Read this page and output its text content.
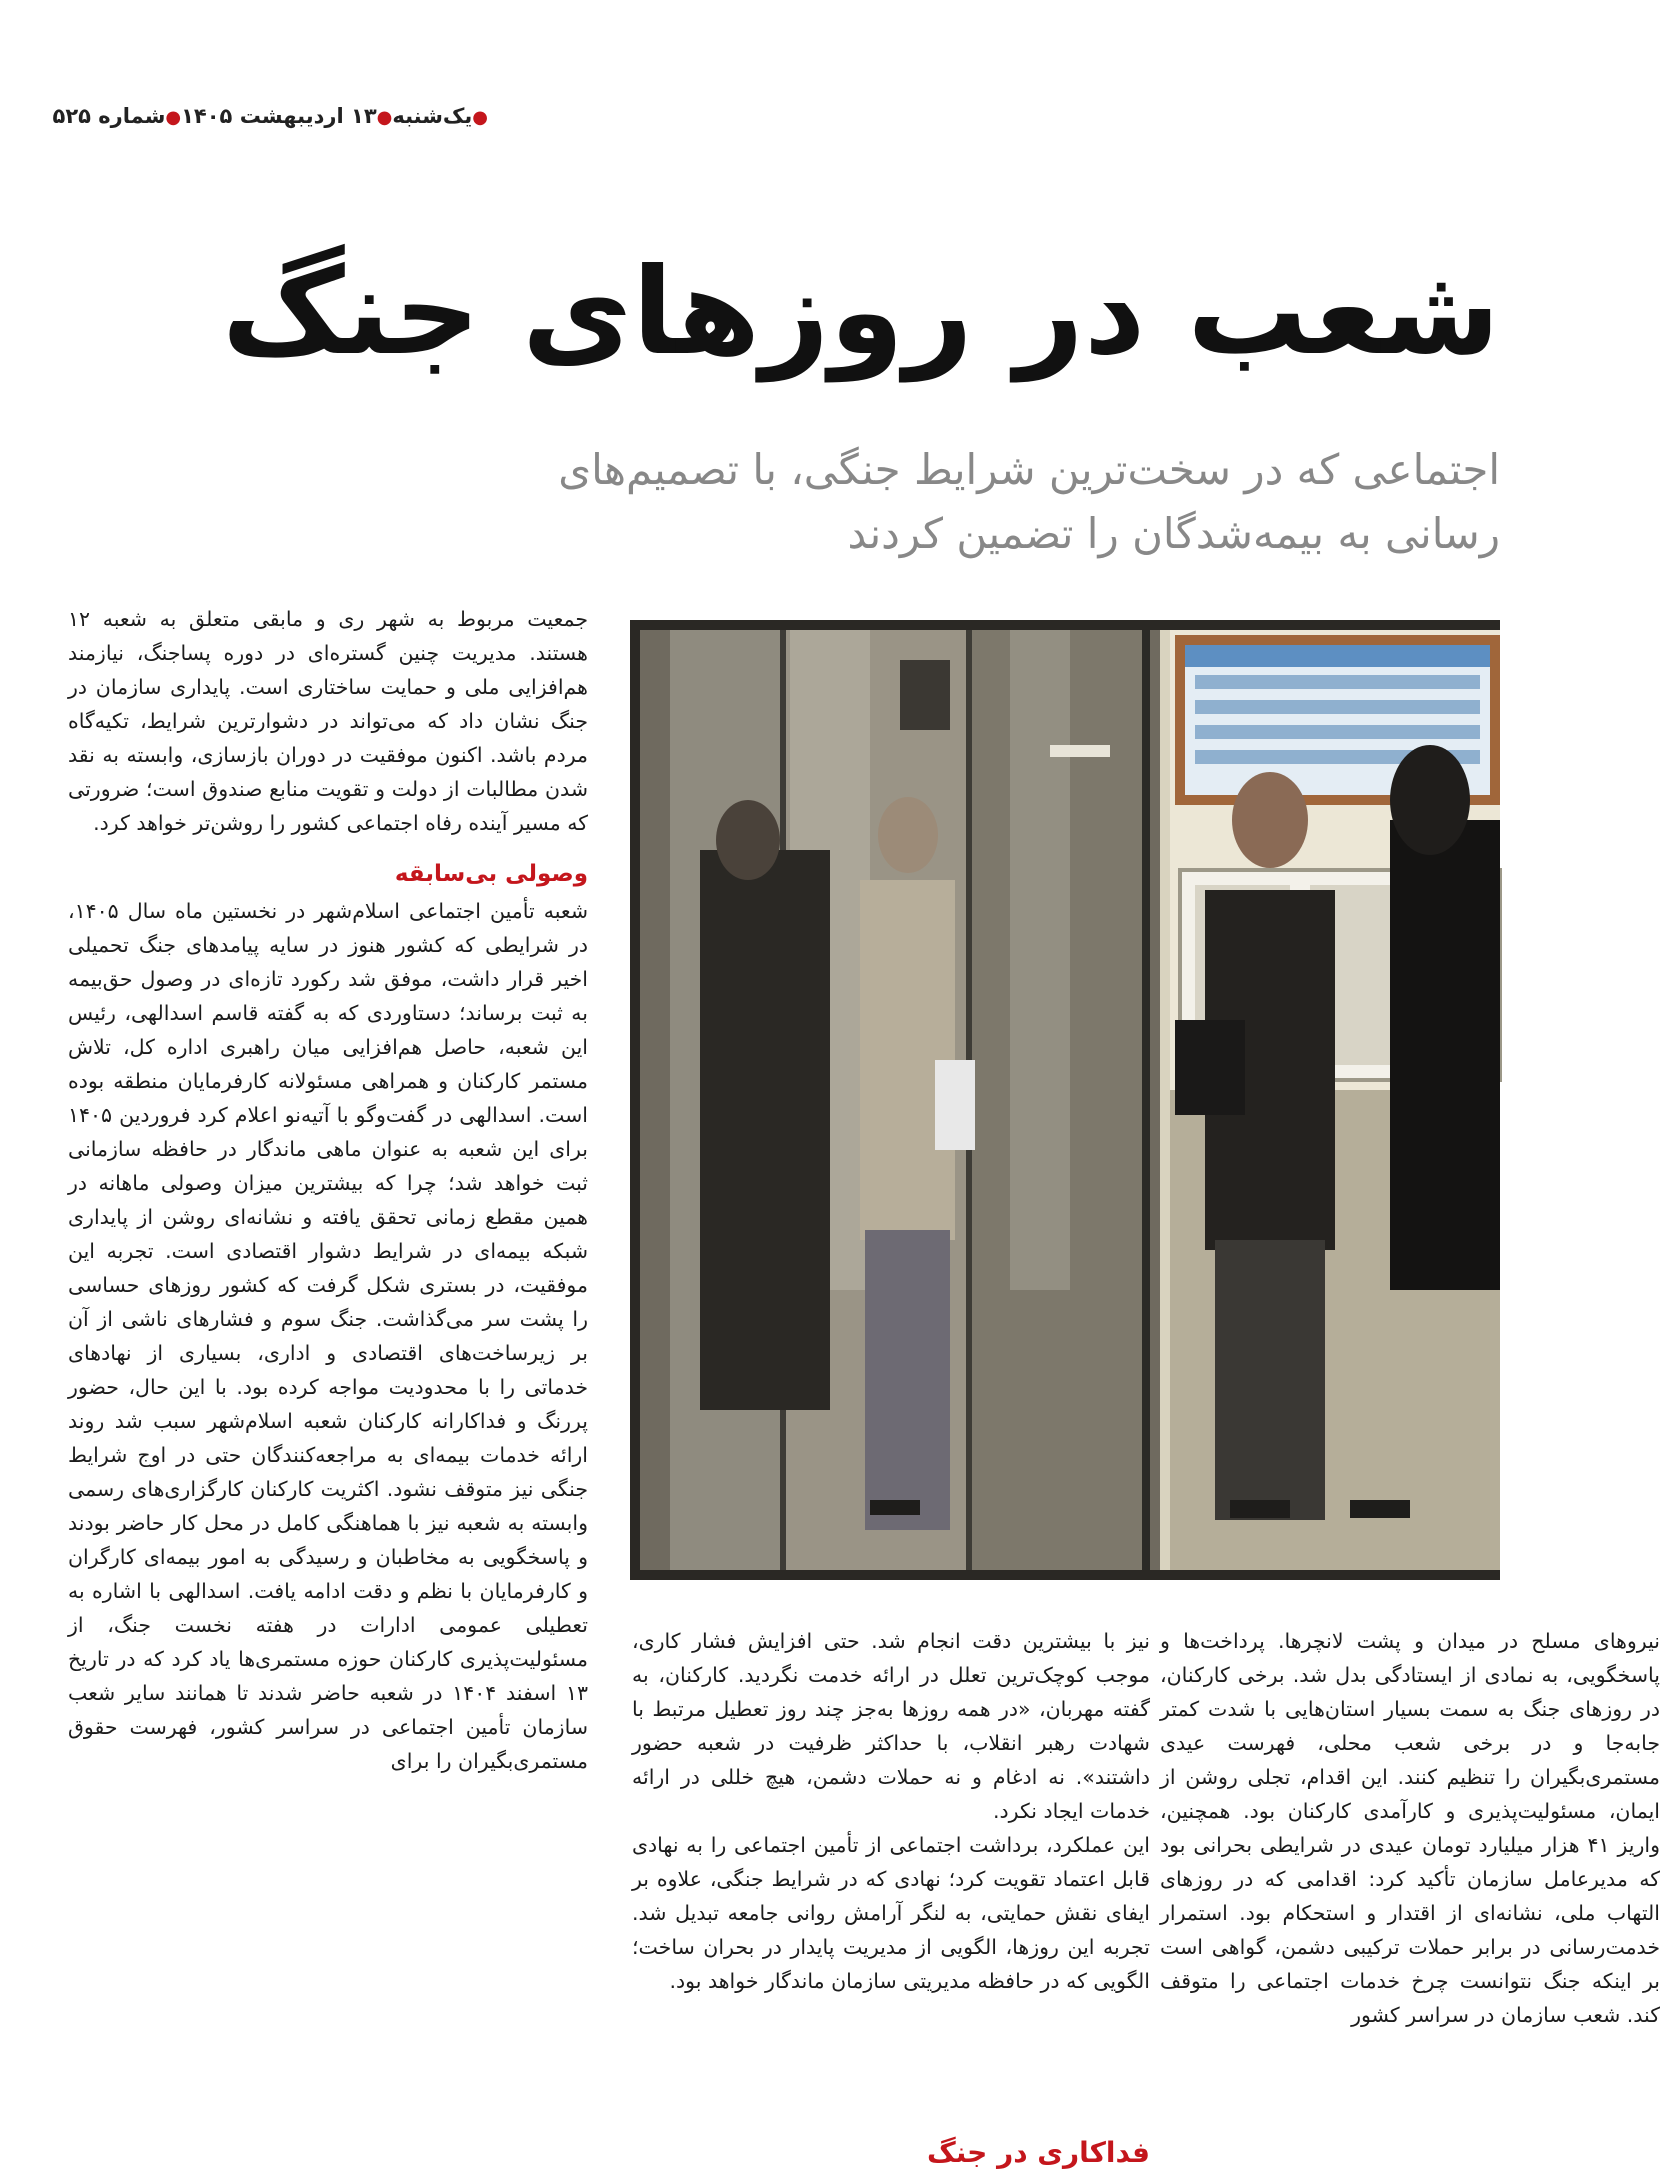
●یک‌شنبه●۱۳ اردیبهشت ۱۴۰۵●شماره ۵۲۵
شعب در روزهای جنگ
اجتماعی که در سخت‌ترین شرایط جنگی، با تصمیم‌های
رسانی به بیمه‌شدگان را تضمین کردند

جمعیت مربوط به شهر ری و مابقی متعلق به شعبه ۱۲ هستند. مدیریت چنین گستره‌ای در دوره پساجنگ، نیازمند هم‌افزایی ملی و حمایت ساختاری است. پایداری سازمان در جنگ نشان داد که می‌تواند در دشوارترین شرایط، تکیه‌گاه مردم باشد. اکنون موفقیت در دوران بازسازی، وابسته به نقد شدن مطالبات از دولت و تقویت منابع صندوق است؛ ضرورتی که مسیر آینده رفاه اجتماعی کشور را روشن‌تر خواهد کرد.

وصولی بی‌سابقه

شعبه تأمین اجتماعی اسلام‌شهر در نخستین ماه سال ۱۴۰۵، در شرایطی که کشور هنوز در سایه پیامدهای جنگ تحمیلی اخیر قرار داشت، موفق شد رکورد تازه‌ای در وصول حق‌بیمه به ثبت برساند؛ دستاوردی که به گفته قاسم اسدالهی، رئیس این شعبه، حاصل هم‌افزایی میان راهبری اداره کل، تلاش مستمر کارکنان و همراهی مسئولانه کارفرمایان منطقه بوده است. اسدالهی در گفت‌وگو با آتیه‌نو اعلام کرد فروردین ۱۴۰۵ برای این شعبه به عنوان ماهی ماندگار در حافظه سازمانی ثبت خواهد شد؛ چرا که بیشترین میزان وصولی ماهانه در همین مقطع زمانی تحقق یافته و نشانه‌ای روشن از پایداری شبکه بیمه‌ای در شرایط دشوار اقتصادی است. تجربه این موفقیت، در بستری شکل گرفت که کشور روزهای حساسی را پشت سر می‌گذاشت. جنگ سوم و فشارهای ناشی از آن بر زیرساخت‌های اقتصادی و اداری، بسیاری از نهادهای خدماتی را با محدودیت مواجه کرده بود. با این حال، حضور پررنگ و فداکارانه کارکنان شعبه اسلام‌شهر سبب شد روند ارائه خدمات بیمه‌ای به مراجعه‌کنندگان حتی در اوج شرایط جنگی نیز متوقف نشود. اکثریت کارکنان کارگزاری‌های رسمی وابسته به شعبه نیز با هماهنگی کامل در محل کار حاضر بودند و پاسخگویی به مخاطبان و رسیدگی به امور بیمه‌ای کارگران و کارفرمایان با نظم و دقت ادامه یافت. اسدالهی با اشاره به تعطیلی عمومی ادارات در هفته نخست جنگ، از مسئولیت‌پذیری کارکنان حوزه مستمری‌ها یاد کرد که در تاریخ ۱۳ اسفند ۱۴۰۴ در شعبه حاضر شدند تا همانند سایر شعب سازمان تأمین اجتماعی در سراسر کشور، فهرست حقوق مستمری‌بگیران را برای

نیز با بیشترین دقت انجام شد. حتی افزایش فشار کاری، موجب کوچک‌ترین تعلل در ارائه خدمت نگردید. کارکنان، به گفته مهربان، «در همه روزها به‌جز چند روز تعطیل مرتبط با شهادت رهبر انقلاب، با حداکثر ظرفیت در شعبه حضور داشتند». نه ادغام و نه حملات دشمن، هیچ خللی در ارائه خدمات ایجاد نکرد.

این عملکرد، برداشت اجتماعی از تأمین اجتماعی را به نهادی قابل اعتماد تقویت کرد؛ نهادی که در شرایط جنگی، علاوه بر ایفای نقش حمایتی، به لنگر آرامش روانی جامعه تبدیل شد. تجربه این روزها، الگویی از مدیریت پایدار در بحران ساخت؛ الگویی که در حافظه مدیریتی سازمان ماندگار خواهد بود.

فداکاری در جنگ

نیروهای مسلح در میدان و پشت لانچرها. پرداخت‌ها و پاسخگویی، به نمادی از ایستادگی بدل شد. برخی کارکنان، در روزهای جنگ به سمت بسیار استان‌هایی با شدت کمتر جابه‌جا و در برخی شعب محلی، فهرست عیدی مستمری‌بگیران را تنظیم کنند. این اقدام، تجلی روشن از ایمان، مسئولیت‌پذیری و کارآمدی کارکنان بود. همچنین، واریز ۴۱ هزار میلیارد تومان عیدی در شرایطی بحرانی بود که مدیرعامل سازمان تأکید کرد: اقدامی که در روزهای التهاب ملی، نشانه‌ای از اقتدار و استحکام بود. استمرار خدمت‌رسانی در برابر حملات ترکیبی دشمن، گواهی است بر اینکه جنگ نتوانست چرخ خدمات اجتماعی را متوقف کند. شعب سازمان در سراسر کشور
